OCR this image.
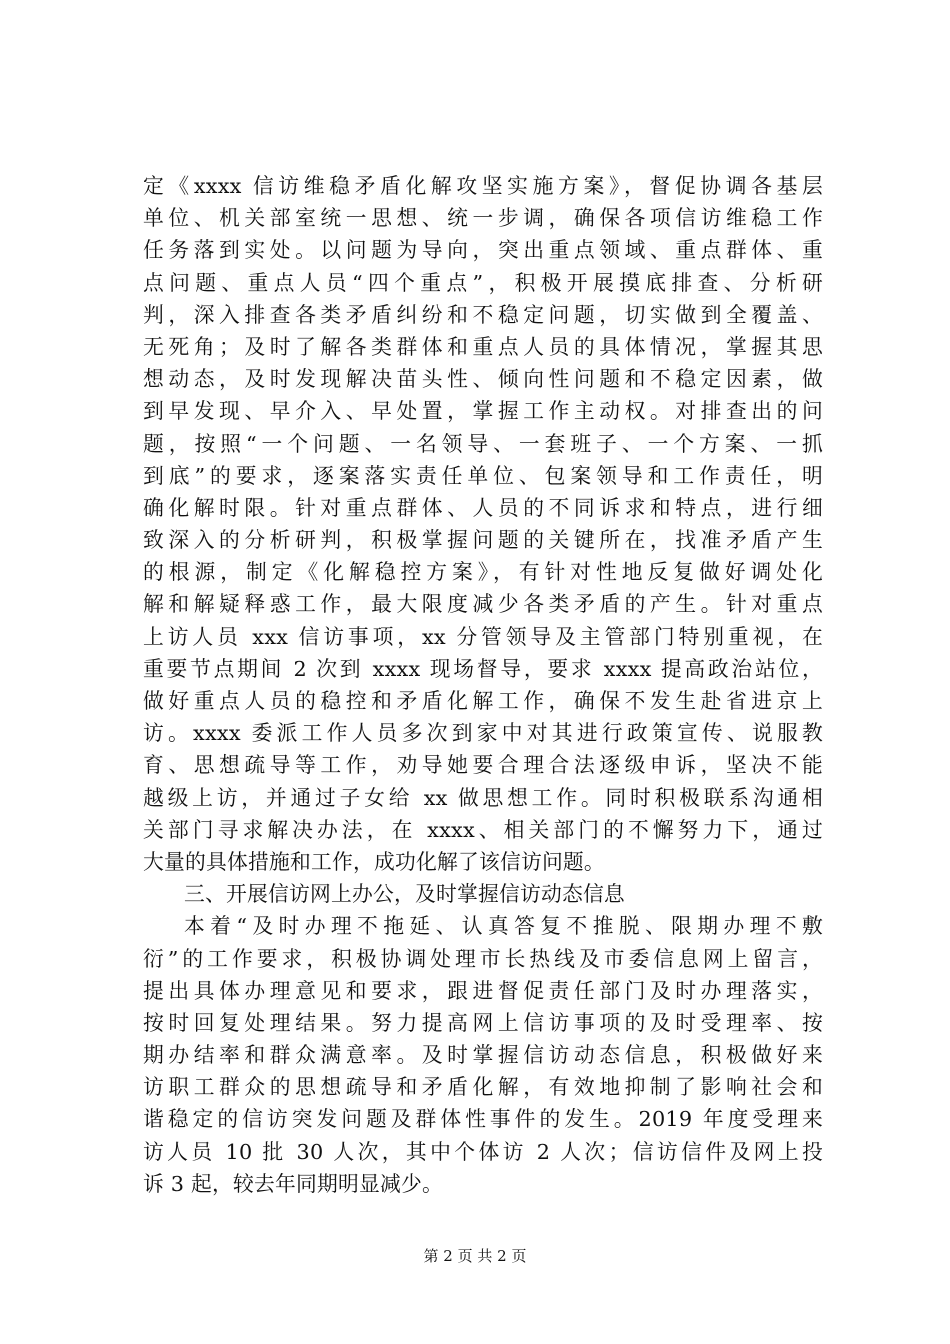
定《xxxx 信访维稳矛盾化解攻坚实施方案》，督促协调各基层
单位、机关部室统一思想、统一步调，确保各项信访维稳工作
任务落到实处。以问题为导向，突出重点领域、重点群体、重
点问题、重点人员“四个重点”，积极开展摸底排查、分析研
判，深入排查各类矛盾纠纷和不稳定问题，切实做到全覆盖、
无死角；及时了解各类群体和重点人员的具体情况，掌握其思
想动态，及时发现解决苗头性、倾向性问题和不稳定因素，做
到早发现、早介入、早处置，掌握工作主动权。对排查出的问
题，按照“一个问题、一名领导、一套班子、一个方案、一抓
到底”的要求，逐案落实责任单位、包案领导和工作责任，明
确化解时限。针对重点群体、人员的不同诉求和特点，进行细
致深入的分析研判，积极掌握问题的关键所在，找准矛盾产生
的根源，制定《化解稳控方案》，有针对性地反复做好调处化
解和解疑释惑工作，最大限度减少各类矛盾的产生。针对重点
上访人员 xxx 信访事项，xx 分管领导及主管部门特别重视，在
重要节点期间 2 次到 xxxx 现场督导，要求 xxxx 提高政治站位，
做好重点人员的稳控和矛盾化解工作，确保不发生赴省进京上
访。xxxx 委派工作人员多次到家中对其进行政策宣传、说服教
育、思想疏导等工作，劝导她要合理合法逐级申诉，坚决不能
越级上访，并通过子女给 xx 做思想工作。同时积极联系沟通相
关部门寻求解决办法，在 xxxx、相关部门的不懈努力下，通过
大量的具体措施和工作，成功化解了该信访问题。
三、开展信访网上办公，及时掌握信访动态信息
本着“及时办理不拖延、认真答复不推脱、限期办理不敷
衍”的工作要求，积极协调处理市长热线及市委信息网上留言，
提出具体办理意见和要求，跟进督促责任部门及时办理落实，
按时回复处理结果。努力提高网上信访事项的及时受理率、按
期办结率和群众满意率。及时掌握信访动态信息，积极做好来
访职工群众的思想疏导和矛盾化解，有效地抑制了影响社会和
谐稳定的信访突发问题及群体性事件的发生。2019 年度受理来
访人员 10 批 30 人次，其中个体访 2 人次；信访信件及网上投
诉 3 起，较去年同期明显减少。
第 2 页 共 2 页
